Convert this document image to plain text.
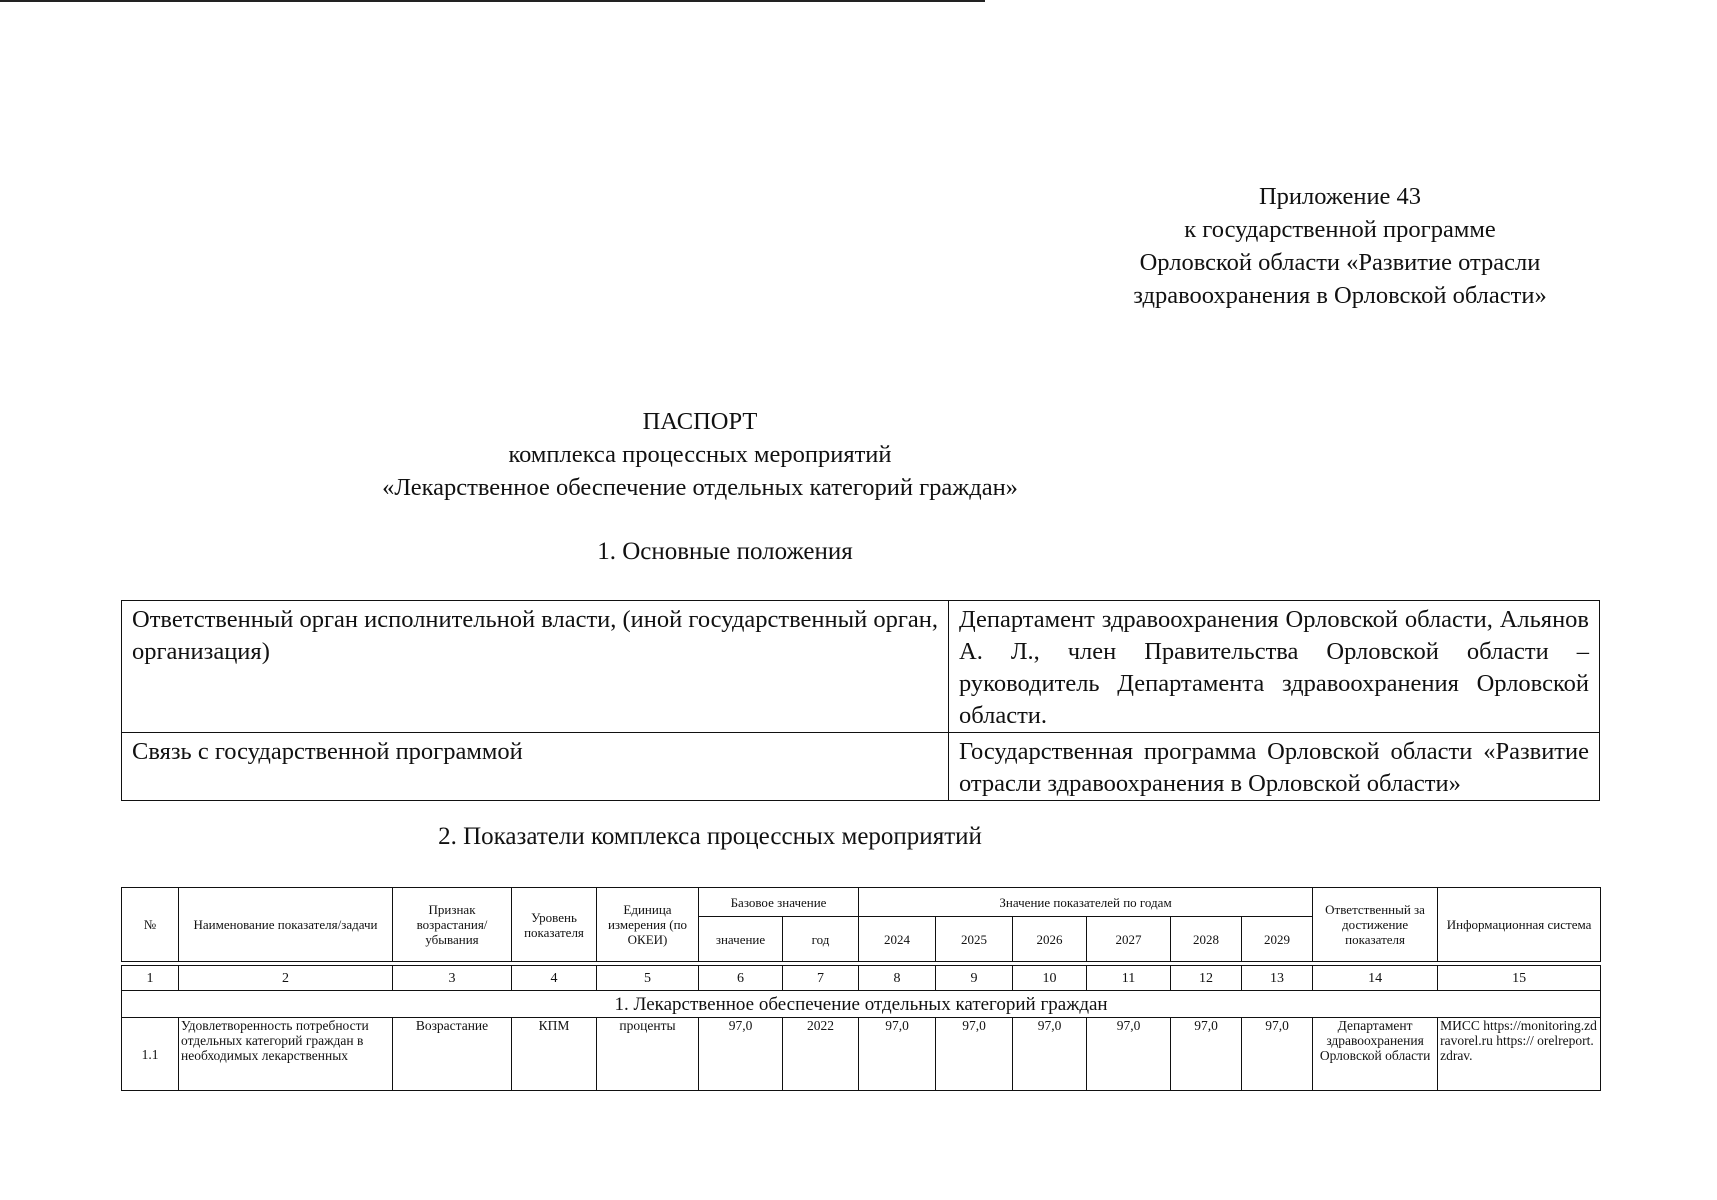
Приложение 43
к государственной программе
Орловской области «Развитие отрасли
здравоохранения в Орловской области»
ПАСПОРТ
комплекса процессных мероприятий
«Лекарственное обеспечение отдельных категорий граждан»
1. Основные положения
Ответственный орган исполнительной власти, (иной государственный орган, организация)	Департамент здравоохранения Орловской области, Альянов А. Л., член Правительства Орловской области – руководитель Департамента здравоохранения Орловской области.
Связь с государственной программой	Государственная программа Орловской области «Развитие отрасли здравоохранения в Орловской области»
2. Показатели комплекса процессных мероприятий
№	Наименование показателя/задачи	Признак возрастания/ убывания	Уровень показателя	Единица измерения (по ОКЕИ)	Базовое значение		Значение показателей по годам						Ответственный за достижение показателя	Информационная система
					значение	год	2024	2025	2026	2027	2028	2029		

1	2	3	4	5	6	7	8	9	10	11	12	13	14	15
1. Лекарственное обеспечение отдельных категорий граждан														
1.1	Удовлетворенность потребности отдельных категорий граждан в необходимых лекарственных	Возрастание	КПМ	проценты	97,0	2022	97,0	97,0	97,0	97,0	97,0	97,0	Департамент здравоохранения Орловской области	МИСС https://monitoring.zdravorel.ru https:// orelreport. zdrav.
